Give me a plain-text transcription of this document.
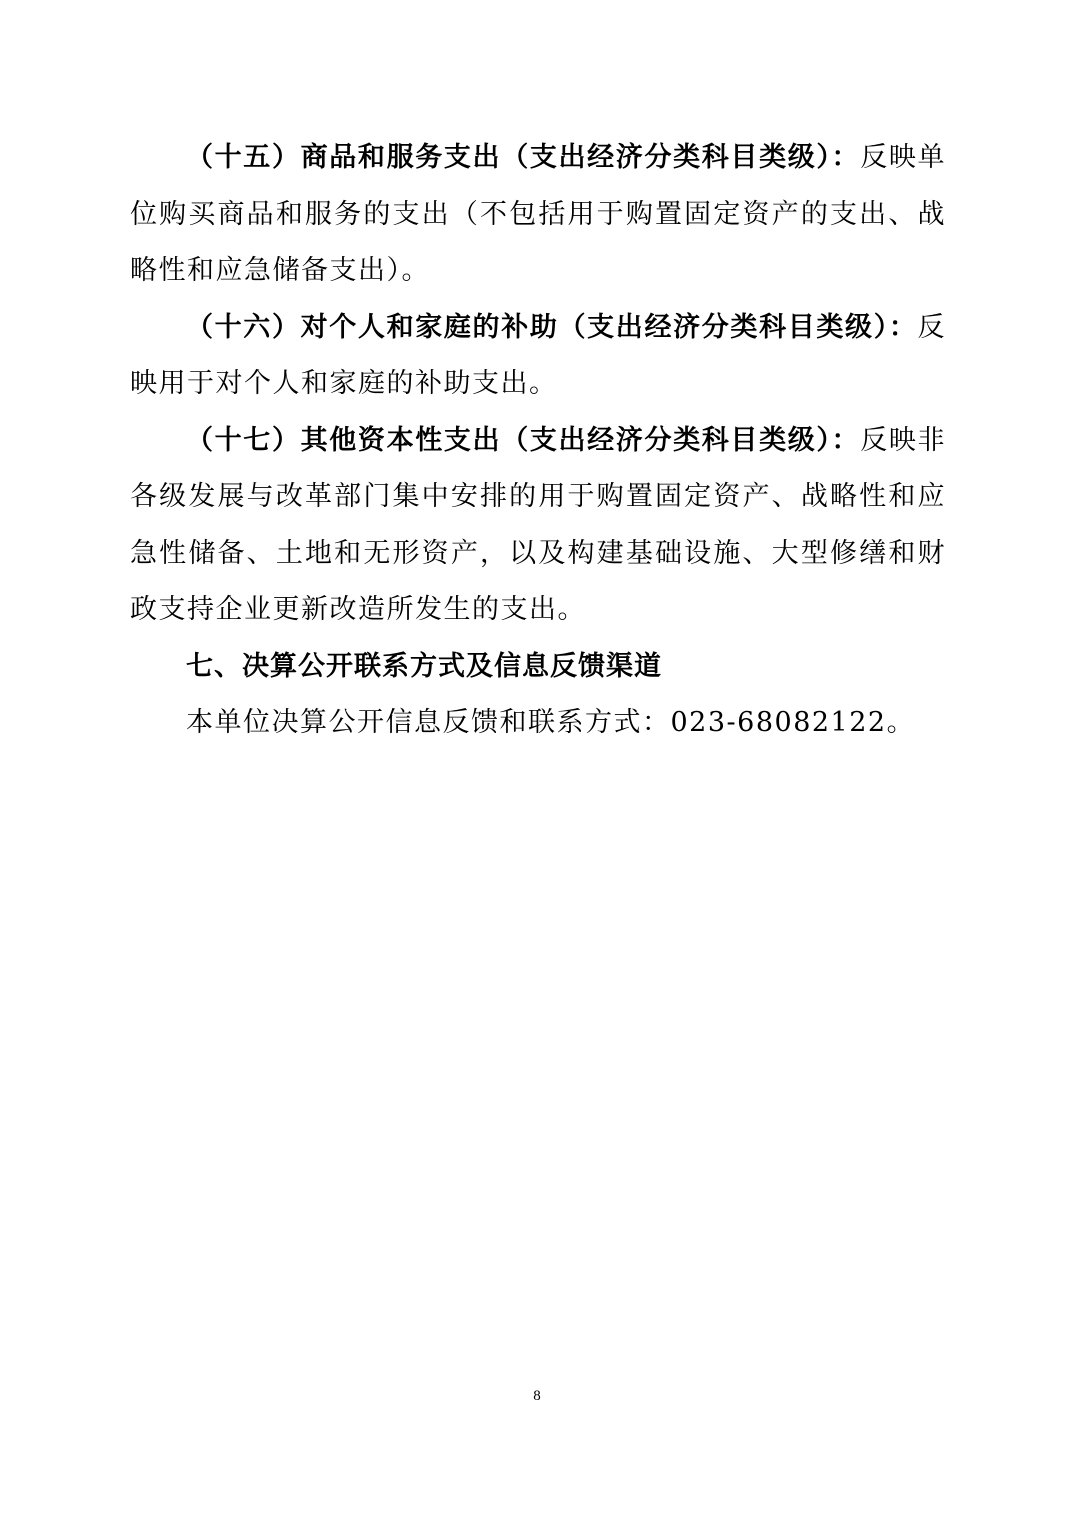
（十五）商品和服务支出（支出经济分类科目类级）：反映单位购买商品和服务的支出（不包括用于购置固定资产的支出、战略性和应急储备支出）。

（十六）对个人和家庭的补助（支出经济分类科目类级）：反映用于对个人和家庭的补助支出。

（十七）其他资本性支出（支出经济分类科目类级）：反映非各级发展与改革部门集中安排的用于购置固定资产、战略性和应急性储备、土地和无形资产，以及构建基础设施、大型修缮和财政支持企业更新改造所发生的支出。

七、决算公开联系方式及信息反馈渠道

本单位决算公开信息反馈和联系方式：023-68082122。

8
